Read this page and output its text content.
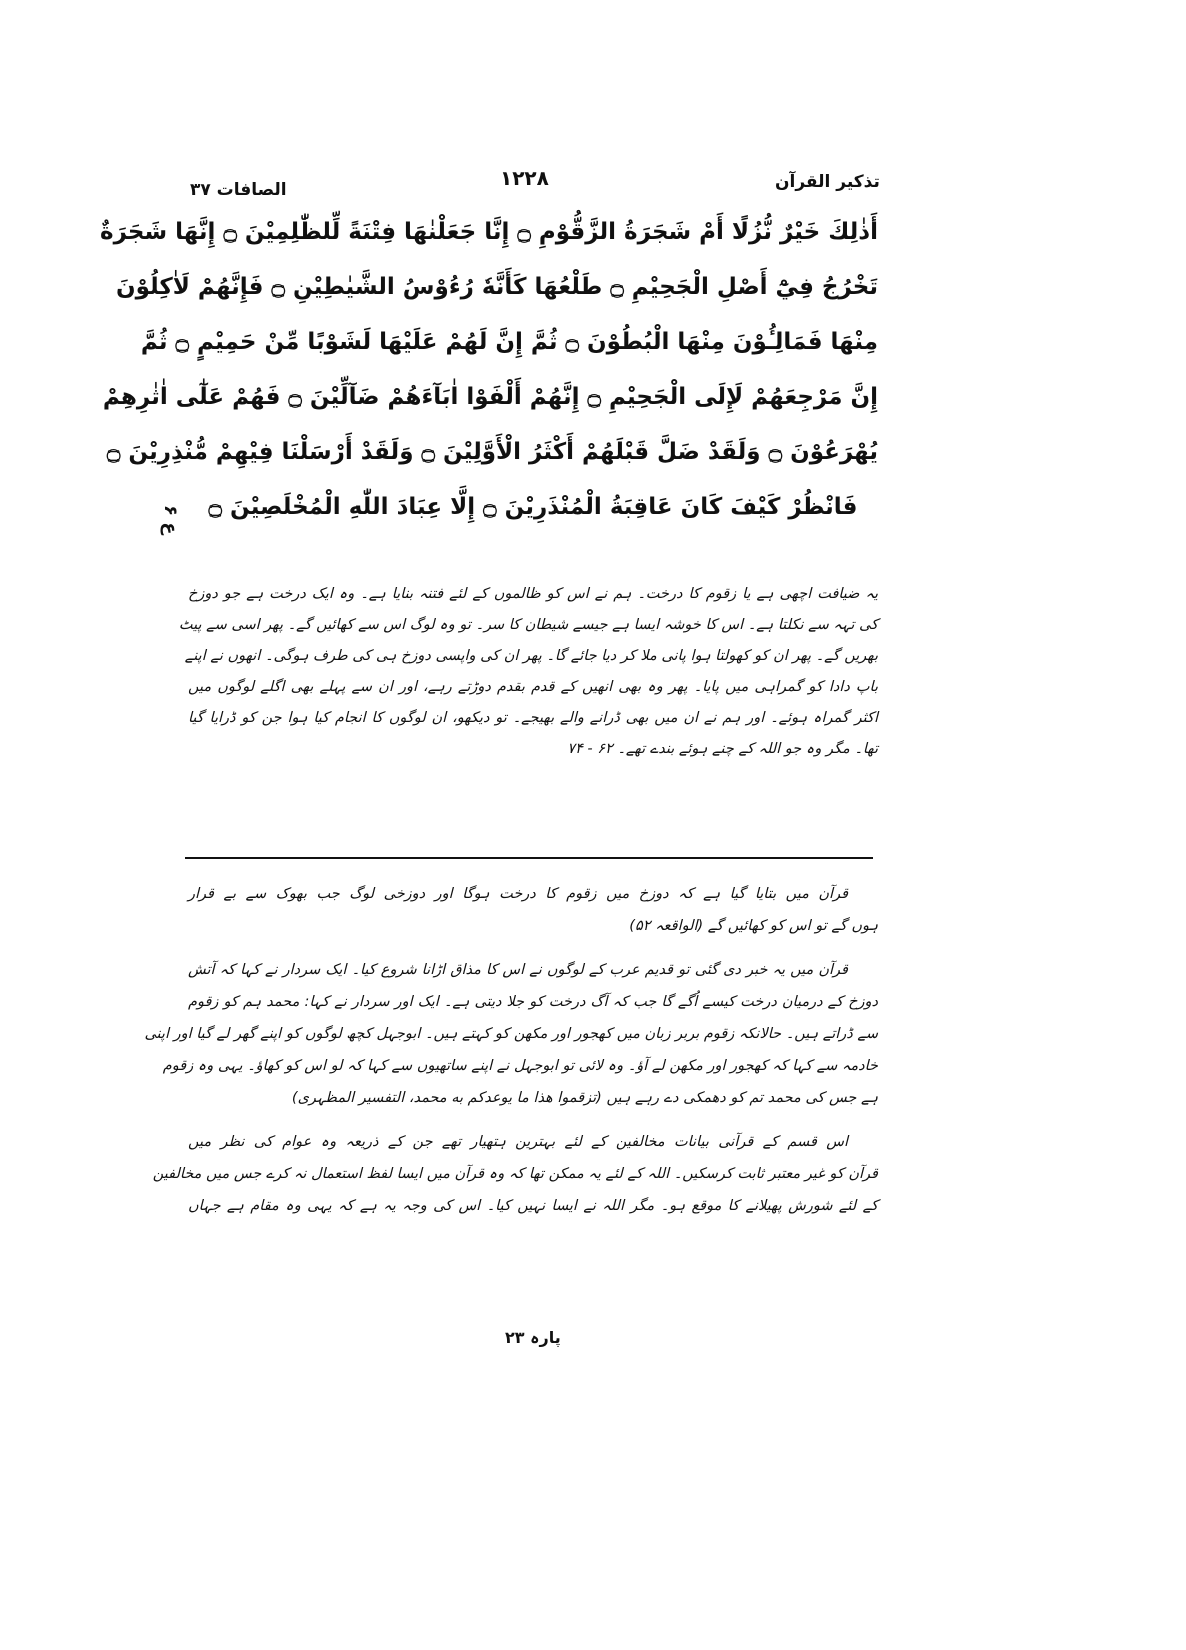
تذکیر القرآن
۱۲۲۸
الصافات ۳۷
أَذٰلِكَ خَيْرٌ نُّزُلًا أَمْ شَجَرَةُ الزَّقُّوْمِ ۝ إِنَّا جَعَلْنٰهَا فِتْنَةً لِّلظّٰلِمِيْنَ ۝ إِنَّهَا شَجَرَةٌ
تَخْرُجُ فِيْٓ أَصْلِ الْجَحِيْمِ ۝ طَلْعُهَا كَأَنَّهٗ رُءُوْسُ الشَّيٰطِيْنِ ۝ فَإِنَّهُمْ لَاٰكِلُوْنَ
مِنْهَا فَمَالِـُٔوْنَ مِنْهَا الْبُطُوْنَ ۝ ثُمَّ إِنَّ لَهُمْ عَلَيْهَا لَشَوْبًا مِّنْ حَمِيْمٍ ۝ ثُمَّ
إِنَّ مَرْجِعَهُمْ لَإِلَى الْجَحِيْمِ ۝ إِنَّهُمْ أَلْفَوْا اٰبَآءَهُمْ ضَآلِّيْنَ ۝ فَهُمْ عَلٰٓى اٰثٰرِهِمْ
يُهْرَعُوْنَ ۝ وَلَقَدْ ضَلَّ قَبْلَهُمْ أَكْثَرُ الْأَوَّلِيْنَ ۝ وَلَقَدْ أَرْسَلْنَا فِيْهِمْ مُّنْذِرِيْنَ ۝
فَانْظُرْ كَيْفَ كَانَ عَاقِبَةُ الْمُنْذَرِيْنَ ۝ إِلَّا عِبَادَ اللّٰهِ الْمُخْلَصِيْنَ ۝
ع ۶
یہ ضیافت اچھی ہے یا زقوم کا درخت۔ ہم نے اس کو ظالموں کے لئے فتنہ بنایا ہے۔ وہ ایک درخت ہے جو دوزخ
کی تہہ سے نکلتا ہے۔ اس کا خوشہ ایسا ہے جیسے شیطان کا سر۔ تو وہ لوگ اس سے کھائیں گے۔ پھر اسی سے پیٹ
بھریں گے۔ پھر ان کو کھولتا ہوا پانی ملا کر دیا جائے گا۔ پھر ان کی واپسی دوزخ ہی کی طرف ہوگی۔ انھوں نے اپنے
باپ دادا کو گمراہی میں پایا۔ پھر وہ بھی انھیں کے قدم بقدم دوڑتے رہے، اور ان سے پہلے بھی اگلے لوگوں میں
اکثر گمراہ ہوئے۔ اور ہم نے ان میں بھی ڈرانے والے بھیجے۔ تو دیکھو، ان لوگوں کا انجام کیا ہوا جن کو ڈرایا گیا
تھا۔ مگر وہ جو اللہ کے چنے ہوئے بندے تھے۔ ۶۲ - ۷۴
قرآن میں بتایا گیا ہے کہ دوزخ میں زقوم کا درخت ہوگا اور دوزخی لوگ جب بھوک سے بے قرار
ہوں گے تو اس کو کھائیں گے (الواقعہ ۵۲)
قرآن میں یہ خبر دی گئی تو قدیم عرب کے لوگوں نے اس کا مذاق اڑانا شروع کیا۔ ایک سردار نے کہا کہ آتش
دوزخ کے درمیان درخت کیسے اُگے گا جب کہ آگ درخت کو جلا دیتی ہے۔ ایک اور سردار نے کہا: محمد ہم کو زقوم
سے ڈراتے ہیں۔ حالانکہ زقوم بربر زبان میں کھجور اور مکھن کو کہتے ہیں۔ ابوجہل کچھ لوگوں کو اپنے گھر لے گیا اور اپنی
خادمہ سے کہا کہ کھجور اور مکھن لے آؤ۔ وہ لائی تو ابوجہل نے اپنے ساتھیوں سے کہا کہ لو اس کو کھاؤ۔ یہی وہ زقوم
ہے جس کی محمد تم کو دھمکی دے رہے ہیں (تزقموا هذا ما يوعدكم به محمد، التفسیر المظہری)
اس قسم کے قرآنی بیانات مخالفین کے لئے بہترین ہتھیار تھے جن کے ذریعہ وہ عوام کی نظر میں
قرآن کو غیر معتبر ثابت کرسکیں۔ اللہ کے لئے یہ ممکن تھا کہ وہ قرآن میں ایسا لفظ استعمال نہ کرے جس میں مخالفین
کے لئے شورش پھیلانے کا موقع ہو۔ مگر اللہ نے ایسا نہیں کیا۔ اس کی وجہ یہ ہے کہ یہی وہ مقام ہے جہاں
پارہ ۲۳
